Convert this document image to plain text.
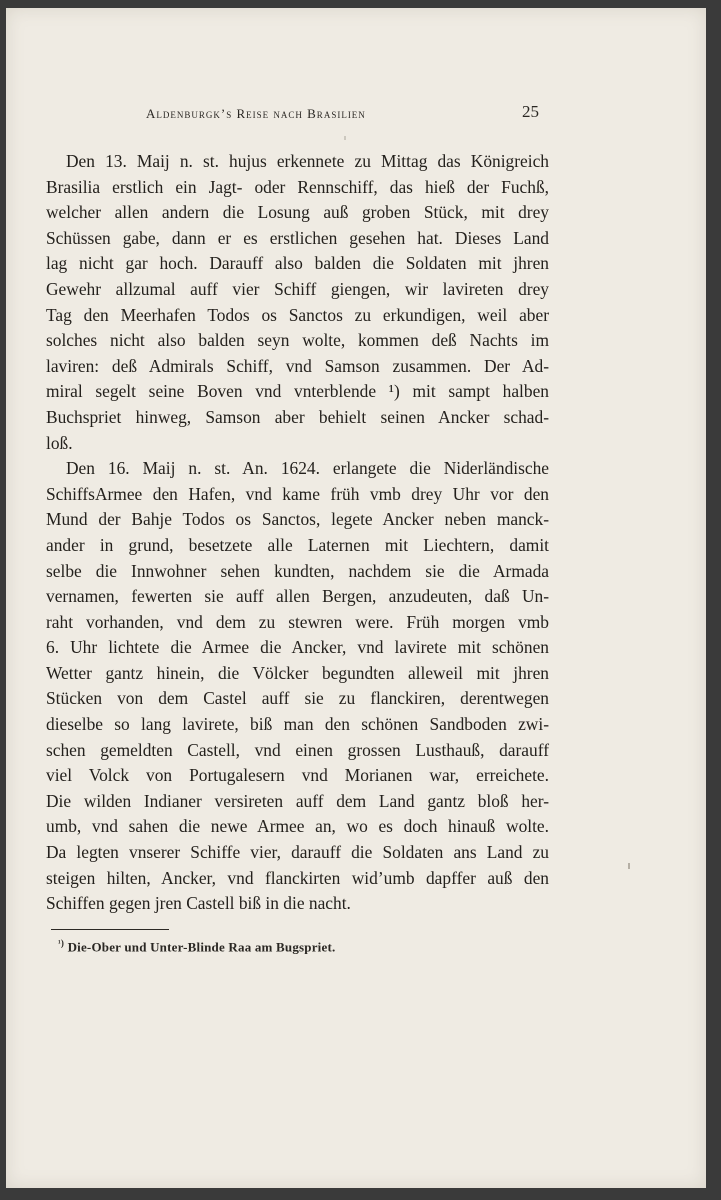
Aldenburgk’s Reise nach Brasilien	25
Den 13. Maij n. st. hujus erkennete zu Mittag das Königreich
Brasilia erstlich ein Jagt- oder Rennschiff, das hieß der Fuchß,
welcher allen andern die Losung auß groben Stück, mit drey
Schüssen gabe, dann er es erstlichen gesehen hat. Dieses Land
lag nicht gar hoch. Darauff also balden die Soldaten mit jhren
Gewehr allzumal auff vier Schiff giengen, wir lavireten drey
Tag den Meerhafen Todos os Sanctos zu erkundigen, weil aber
solches nicht also balden seyn wolte, kommen deß Nachts im
laviren: deß Admirals Schiff, vnd Samson zusammen. Der Ad-
miral segelt seine Boven vnd vnterblende ¹) mit sampt halben
Buchspriet hinweg, Samson aber behielt seinen Ancker schad-
loß.
Den 16. Maij n. st. An. 1624. erlangete die Niderländische
SchiffsArmee den Hafen, vnd kame früh vmb drey Uhr vor den
Mund der Bahje Todos os Sanctos, legete Ancker neben manck-
ander in grund, besetzete alle Laternen mit Liechtern, damit
selbe die Innwohner sehen kundten, nachdem sie die Armada
vernamen, fewerten sie auff allen Bergen, anzudeuten, daß Un-
raht vorhanden, vnd dem zu stewren were. Früh morgen vmb
6. Uhr lichtete die Armee die Ancker, vnd lavirete mit schönen
Wetter gantz hinein, die Völcker begundten alleweil mit jhren
Stücken von dem Castel auff sie zu flanckiren, derentwegen
dieselbe so lang lavirete, biß man den schönen Sandboden zwi-
schen gemeldten Castell, vnd einen grossen Lusthauß, darauff
viel Volck von Portugalesern vnd Morianen war, erreichete.
Die wilden Indianer versireten auff dem Land gantz bloß her-
umb, vnd sahen die newe Armee an, wo es doch hinauß wolte.
Da legten vnserer Schiffe vier, darauff die Soldaten ans Land zu
steigen hilten, Ancker, vnd flanckirten wid’umb dapffer auß den
Schiffen gegen jren Castell biß in die nacht.
$^{^1)}$ Die-Ober und Unter-Blinde Raa am Bugspriet.
